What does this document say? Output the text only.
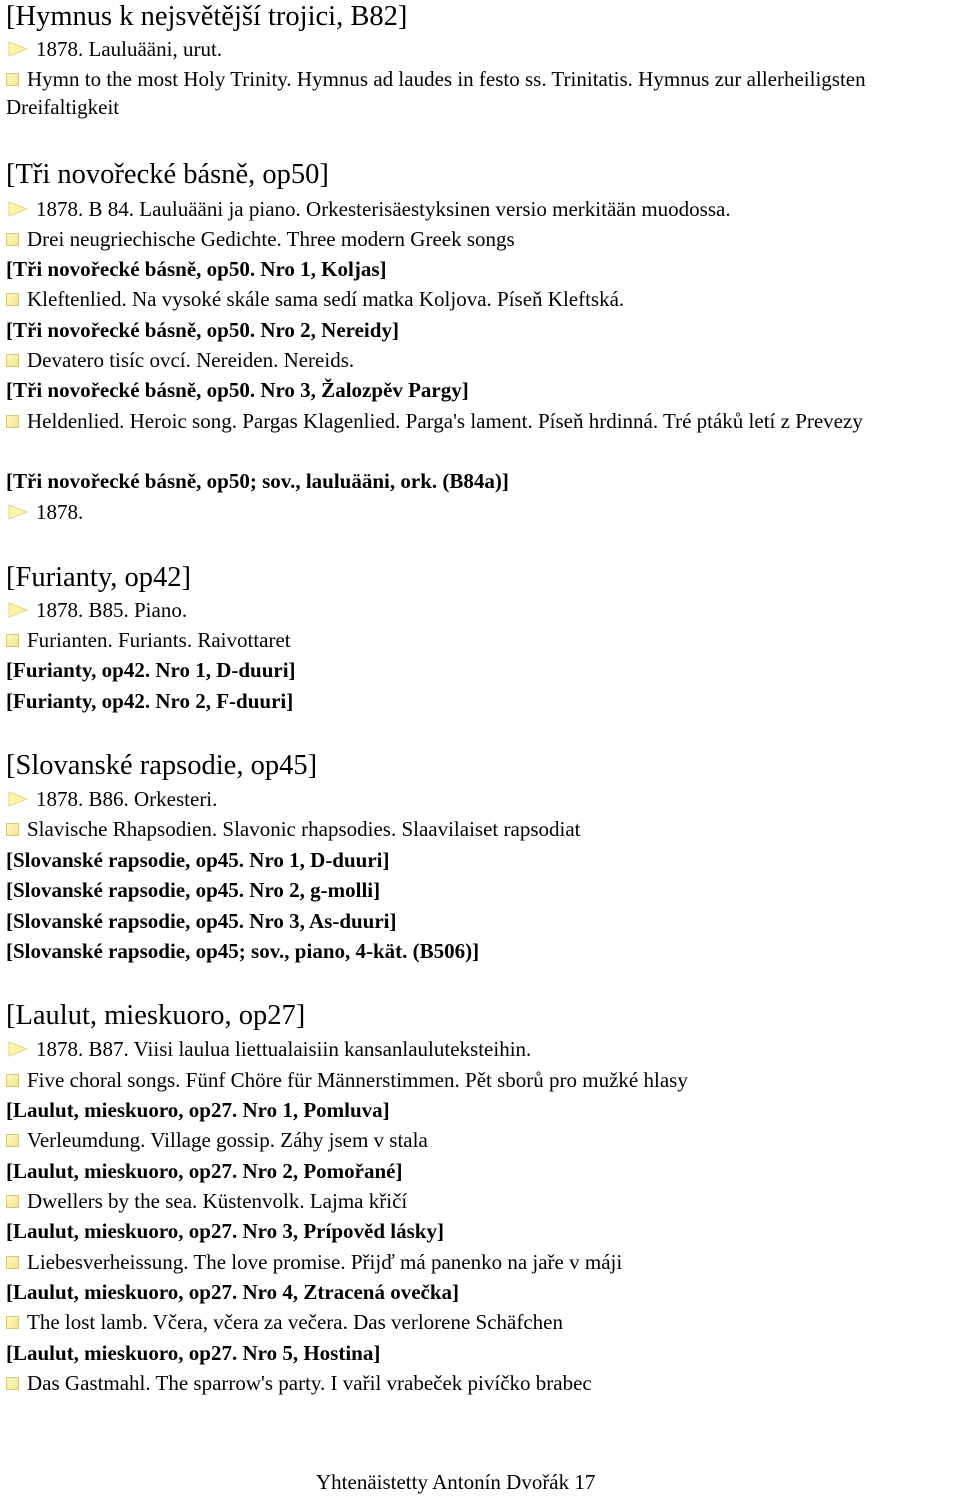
[Hymnus k nejsvětější trojici, B82]
1878. Lauluääni, urut.
Hymn to the most Holy Trinity. Hymnus ad laudes in festo ss. Trinitatis. Hymnus zur allerheiligsten Dreifaltigkeit
[Tři novořecké básně, op50]
1878. B 84. Lauluääni ja piano. Orkesterisäestyksinen versio merkitään muodossa.
Drei neugriechische Gedichte. Three modern Greek songs
[Tři novořecké básně, op50. Nro 1, Koljas]
Kleftenlied. Na vysoké skále sama sedí matka Koljova. Píseň Kleftská.
[Tři novořecké básně, op50. Nro 2, Nereidy]
Devatero tisíc ovcí. Nereiden. Nereids.
[Tři novořecké básně, op50. Nro 3, Žalozpěv Pargy]
Heldenlied. Heroic song. Pargas Klagenlied. Parga's lament. Píseň hrdinná. Tré ptáků letí z Prevezy
[Tři novořecké básně, op50; sov., lauluääni, ork. (B84a)]
1878.
[Furianty, op42]
1878. B85. Piano.
Furianten. Furiants. Raivottaret
[Furianty, op42. Nro 1, D-duuri]
[Furianty, op42. Nro 2, F-duuri]
[Slovanské rapsodie, op45]
1878. B86. Orkesteri.
Slavische Rhapsodien. Slavonic rhapsodies. Slaavilaiset rapsodiat
[Slovanské rapsodie, op45. Nro 1, D-duuri]
[Slovanské rapsodie, op45. Nro 2, g-molli]
[Slovanské rapsodie, op45. Nro 3, As-duuri]
[Slovanské rapsodie, op45; sov., piano, 4-kät. (B506)]
[Laulut, mieskuoro, op27]
1878. B87. Viisi laulua liettualaisiin kansanlauluteksteihin.
Five choral songs. Fünf Chöre für Männerstimmen. Pět sborů pro mužké hlasy
[Laulut, mieskuoro, op27. Nro 1, Pomluva]
Verleumdung. Village gossip. Záhy jsem v stala
[Laulut, mieskuoro, op27. Nro 2, Pomořané]
Dwellers by the sea. Küstenvolk. Lajma křičí
[Laulut, mieskuoro, op27. Nro 3, Prípověd lásky]
Liebesverheissung. The love promise. Přijď má panenko na jaře v máji
[Laulut, mieskuoro, op27. Nro 4, Ztracená ovečka]
The lost lamb. Včera, včera za večera. Das verlorene Schäfchen
[Laulut, mieskuoro, op27. Nro 5, Hostina]
Das Gastmahl. The sparrow's party. I vařil vrabeček pivíčko brabec
Yhtenäistetty Antonín Dvořák 17
